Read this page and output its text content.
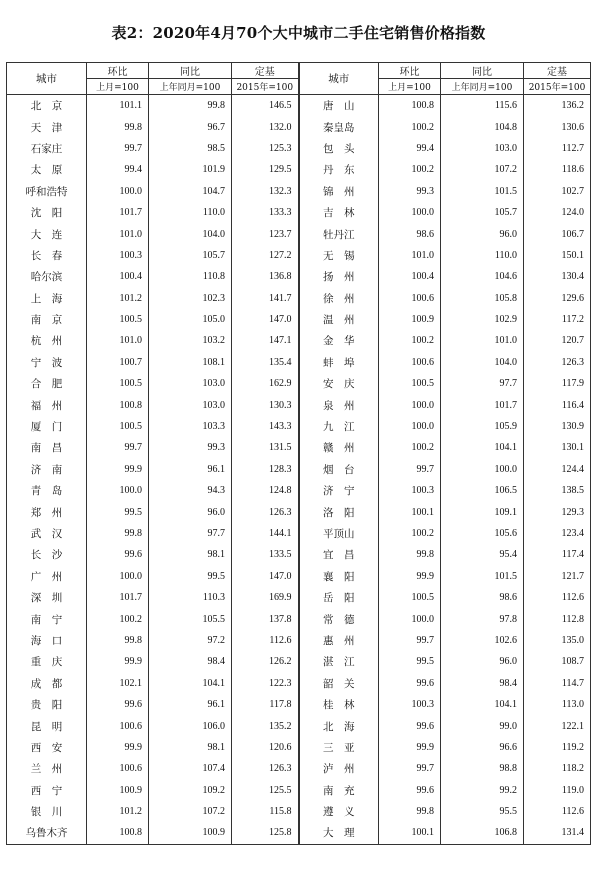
表2：2020年4月70个大中城市二手住宅销售价格指数
城市	环比	同比	定基	城市	环比	同比	定基
	上月=100	上年同月=100	2015年=100		上月=100	上年同月=100	2015年=100
北　京	101.1	99.8	146.5	唐　山	100.8	115.6	136.2
天　津	99.8	96.7	132.0	秦皇岛	100.2	104.8	130.6
石家庄	99.7	98.5	125.3	包　头	99.4	103.0	112.7
太　原	99.4	101.9	129.5	丹　东	100.2	107.2	118.6
呼和浩特	100.0	104.7	132.3	锦　州	99.3	101.5	102.7
沈　阳	101.7	110.0	133.3	吉　林	100.0	105.7	124.0
大　连	101.0	104.0	123.7	牡丹江	98.6	96.0	106.7
长　春	100.3	105.7	127.2	无　锡	101.0	110.0	150.1
哈尔滨	100.4	110.8	136.8	扬　州	100.4	104.6	130.4
上　海	101.2	102.3	141.7	徐　州	100.6	105.8	129.6
南　京	100.5	105.0	147.0	温　州	100.9	102.9	117.2
杭　州	101.0	103.2	147.1	金　华	100.2	101.0	120.7
宁　波	100.7	108.1	135.4	蚌　埠	100.6	104.0	126.3
合　肥	100.5	103.0	162.9	安　庆	100.5	97.7	117.9
福　州	100.8	103.0	130.3	泉　州	100.0	101.7	116.4
厦　门	100.5	103.3	143.3	九　江	100.0	105.9	130.9
南　昌	99.7	99.3	131.5	赣　州	100.2	104.1	130.1
济　南	99.9	96.1	128.3	烟　台	99.7	100.0	124.4
青　岛	100.0	94.3	124.8	济　宁	100.3	106.5	138.5
郑　州	99.5	96.0	126.3	洛　阳	100.1	109.1	129.3
武　汉	99.8	97.7	144.1	平顶山	100.2	105.6	123.4
长　沙	99.6	98.1	133.5	宜　昌	99.8	95.4	117.4
广　州	100.0	99.5	147.0	襄　阳	99.9	101.5	121.7
深　圳	101.7	110.3	169.9	岳　阳	100.5	98.6	112.6
南　宁	100.2	105.5	137.8	常　德	100.0	97.8	112.8
海　口	99.8	97.2	112.6	惠　州	99.7	102.6	135.0
重　庆	99.9	98.4	126.2	湛　江	99.5	96.0	108.7
成　都	102.1	104.1	122.3	韶　关	99.6	98.4	114.7
贵　阳	99.6	96.1	117.8	桂　林	100.3	104.1	113.0
昆　明	100.6	106.0	135.2	北　海	99.6	99.0	122.1
西　安	99.9	98.1	120.6	三　亚	99.9	96.6	119.2
兰　州	100.6	107.4	126.3	泸　州	99.7	98.8	118.2
西　宁	100.9	109.2	125.5	南　充	99.6	99.2	119.0
银　川	101.2	107.2	115.8	遵　义	99.8	95.5	112.6
乌鲁木齐	100.8	100.9	125.8	大　理	100.1	106.8	131.4
